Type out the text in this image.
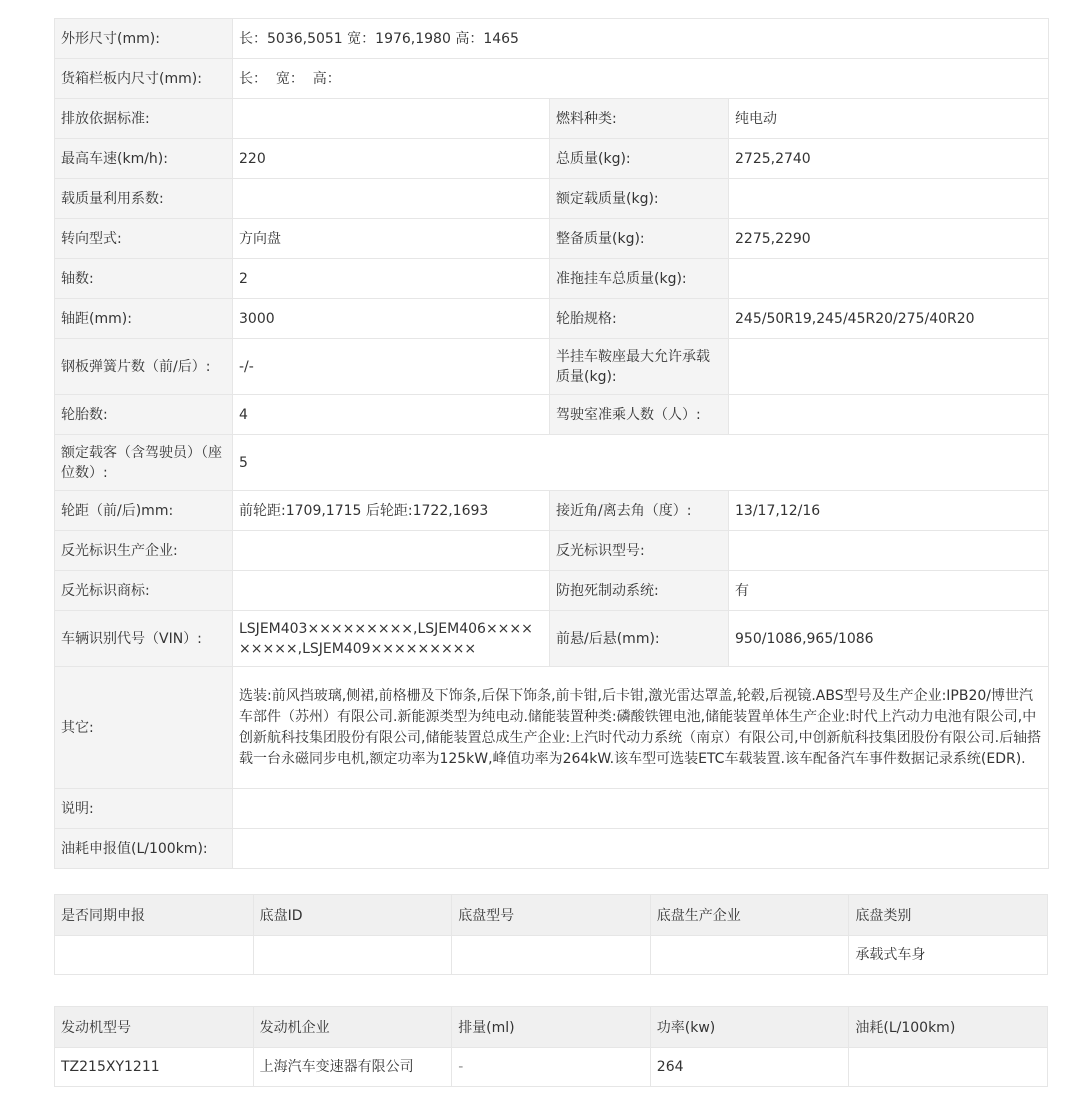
外形尺寸(mm):	长：5036,5051 宽：1976,1980 高：1465		
货箱栏板内尺寸(mm):	长：  宽：  高：		
排放依据标准:		燃料种类:	纯电动
最高车速(km/h):	220	总质量(kg):	2725,2740
载质量利用系数:		额定载质量(kg):	
转向型式:	方向盘	整备质量(kg):	2275,2290
轴数:	2	准拖挂车总质量(kg):	
轴距(mm):	3000	轮胎规格:	245/50R19,245/45R20/275/40R20
钢板弹簧片数（前/后）:	-/-	半挂车鞍座最大允许承载质量(kg):	
轮胎数:	4	驾驶室准乘人数（人）:	
额定载客（含驾驶员）（座位数）:	5		
轮距（前/后)mm:	前轮距:1709,1715 后轮距:1722,1693	接近角/离去角（度）:	13/17,12/16
反光标识生产企业:		反光标识型号:	
反光标识商标:		防抱死制动系统:	有
车辆识别代号（VIN）:	LSJEM403×××××××××,LSJEM406×××××××××,LSJEM409×××××××××	前悬/后悬(mm):	950/1086,965/1086
其它:	选装:前风挡玻璃,侧裙,前格栅及下饰条,后保下饰条,前卡钳,后卡钳,激光雷达罩盖,轮毂,后视镜.ABS型号及生产企业:IPB20/博世汽车部件（苏州）有限公司.新能源类型为纯电动.储能装置种类:磷酸铁锂电池,储能装置单体生产企业:时代上汽动力电池有限公司,中创新航科技集团股份有限公司,储能装置总成生产企业:上汽时代动力系统（南京）有限公司,中创新航科技集团股份有限公司.后轴搭载一台永磁同步电机,额定功率为125kW,峰值功率为264kW.该车型可选装ETC车载装置.该车配备汽车事件数据记录系统(EDR).		
说明:			
油耗申报值(L/100km):			
是否同期申报	底盘ID	底盘型号	底盘生产企业	底盘类别
				承载式车身
发动机型号	发动机企业	排量(ml)	功率(kw)	油耗(L/100km)
TZ215XY1211	上海汽车变速器有限公司	-	264	
